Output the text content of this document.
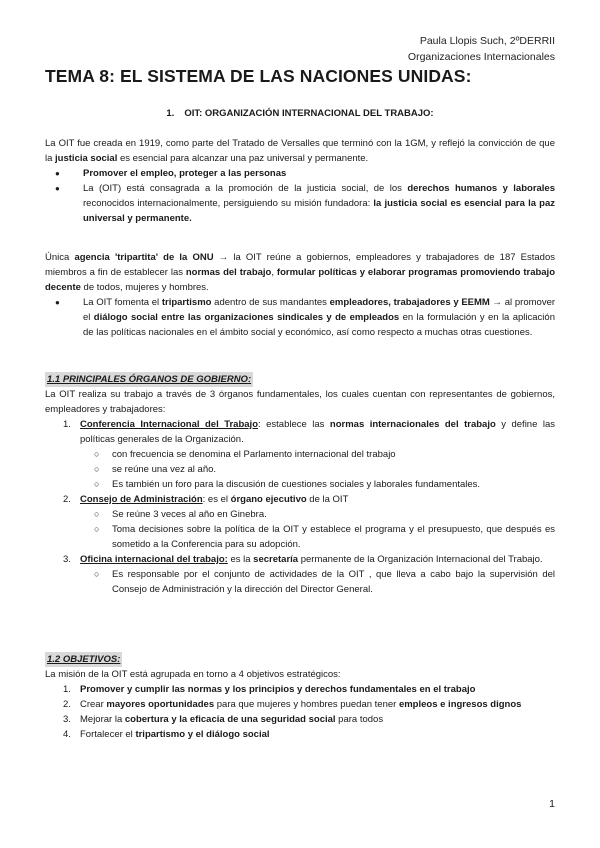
Paula Llopis Such, 2ºDERRII
Organizaciones Internacionales
TEMA 8: EL SISTEMA DE LAS NACIONES UNIDAS:
1. OIT: ORGANIZACIÓN INTERNACIONAL DEL TRABAJO:

La OIT fue creada en 1919, como parte del Tratado de Versalles que terminó con la 1GM, y reflejó la convicción de que la justicia social es esencial para alcanzar una paz universal y permanente.

● Promover el empleo, proteger a las personas
● La (OIT) está consagrada a la promoción de la justicia social, de los derechos humanos y laborales reconocidos internacionalmente, persiguiendo su misión fundadora: la justicia social es esencial para la paz universal y permanente.

Única agencia 'tripartita' de la ONU → la OIT reúne a gobiernos, empleadores y trabajadores de 187 Estados miembros a fin de establecer las normas del trabajo, formular políticas y elaborar programas promoviendo trabajo decente de todos, mujeres y hombres.

● La OIT fomenta el tripartismo adentro de sus mandantes empleadores, trabajadores y EEMM → al promover el diálogo social entre las organizaciones sindicales y de empleados en la formulación y en la aplicación de las políticas nacionales en el ámbito social y económico, así como respecto a muchas otras cuestiones.
1.1 PRINCIPALES ÓRGANOS DE GOBIERNO:

La OIT realiza su trabajo a través de 3 órganos fundamentales, los cuales cuentan con representantes de gobiernos, empleadores y trabajadores:

1. Conferencia Internacional del Trabajo: establece las normas internacionales del trabajo y define las políticas generales de la Organización.
○ con frecuencia se denomina el Parlamento internacional del trabajo
○ se reúne una vez al año.
○ Es también un foro para la discusión de cuestiones sociales y laborales fundamentales.
2. Consejo de Administración: es el órgano ejecutivo de la OIT
○ Se reúne 3 veces al año en Ginebra.
○ Toma decisiones sobre la política de la OIT y establece el programa y el presupuesto, que después es sometido a la Conferencia para su adopción.
3. Oficina internacional del trabajo: es la secretaría permanente de la Organización Internacional del Trabajo.
○ Es responsable por el conjunto de actividades de la OIT , que lleva a cabo bajo la supervisión del Consejo de Administración y la dirección del Director General.
1.2 OBJETIVOS:

La misión de la OIT está agrupada en torno a 4 objetivos estratégicos:

1. Promover y cumplir las normas y los principios y derechos fundamentales en el trabajo
2. Crear mayores oportunidades para que mujeres y hombres puedan tener empleos e ingresos dignos
3. Mejorar la cobertura y la eficacia de una seguridad social para todos
4. Fortalecer el tripartismo y el diálogo social
1
